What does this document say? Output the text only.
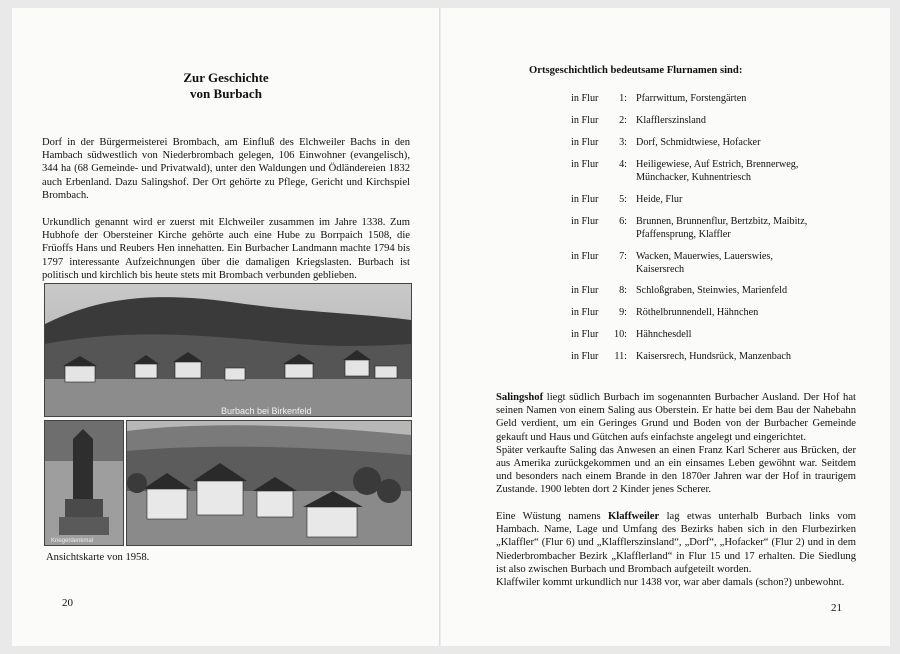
Zur Geschichte
von Burbach

Dorf in der Bürgermeisterei Brombach, am Einfluß des Elchweiler Bachs in den Hambach südwestlich von Niederbrombach gelegen, 106 Einwohner (evangelisch), 344 ha (68 Gemeinde- und Privatwald), unter den Waldungen und Ödländereien 1832 auch Erbenland. Dazu Salingshof. Der Ort gehörte zu Pflege, Gericht und Kirchspiel Brombach.

Urkundlich genannt wird er zuerst mit Elchweiler zusammen im Jahre 1338. Zum Hubhofe der Obersteiner Kirche gehörte auch eine Hube zu Borrpaich 1508, die Früoffs Hans und Reubers Hen innehatten. Ein Burbacher Landmann machte 1794 bis 1797 interessante Aufzeichnungen über die damaligen Kriegslasten. Burbach ist politisch und kirchlich bis heute stets mit Brombach verbunden geblieben.

Burbach bei Birkenfeld
Kriegerdenkmal
Ansichtskarte von 1958.
20
Ortsgeschichtlich bedeutsame Flurnamen sind:
in Flur	1: Pfarrwittum, Forstengärten
in Flur	2: Klafflerszinsland
in Flur	3: Dorf, Schmidtwiese, Hofacker
in Flur	4: Heiligewiese, Auf Estrich, Brennerweg,
Münchacker, Kuhnentriesch
in Flur	5: Heide, Flur
in Flur	6: Brunnen, Brunnenflur, Bertzbitz, Maibitz,
Pfaffensprung, Klaffler
in Flur	7: Wacken, Mauerwies, Lauerswies,
Kaisersrech
in Flur	8: Schloßgraben, Steinwies, Marienfeld
in Flur	9: Röthelbrunnendell, Hähnchen
in Flur	10: Hähnchesdell
in Flur	11: Kaisersrech, Hundsrück, Manzenbach

Salingshof liegt südlich Burbach im sogenannten Burbacher Ausland. Der Hof hat seinen Namen von einem Saling aus Oberstein. Er hatte bei dem Bau der Nahebahn Geld verdient, um ein Geringes Grund und Boden von der Burbacher Gemeinde gekauft und Haus und Gütchen aufs einfachste angelegt und eingerichtet.

Später verkaufte Saling das Anwesen an einen Franz Karl Scherer aus Brücken, der aus Amerika zurückgekommen und an ein einsames Leben gewöhnt war. Seitdem und besonders nach einem Brande in den 1870er Jahren war der Hof in traurigem Zustande. 1900 lebten dort 2 Kinder jenes Scherer.

Eine Wüstung namens Klaffweiler lag etwas unterhalb Burbach links vom Hambach. Name, Lage und Umfang des Bezirks haben sich in den Flurbezirken „Klaffler“ (Flur 6) und „Klafflerszinsland“, „Dorf“, „Hofacker“ (Flur 2) und in dem Niederbrombacher Bezirk „Klafflerland“ in Flur 15 und 17 erhalten. Die Siedlung ist also zwischen Burbach und Brombach aufgeteilt worden.

Klaffwiler kommt urkundlich nur 1438 vor, war aber damals (schon?) unbewohnt.

21
